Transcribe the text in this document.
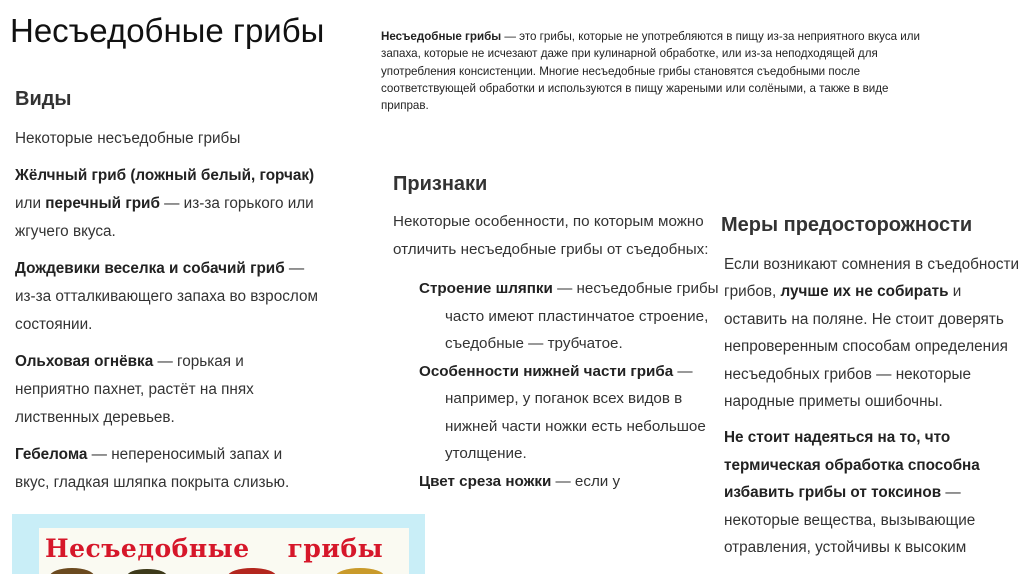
Несъедобные грибы	Несъедобные грибы — это грибы, которые не употребляются в пищу из-за неприятного вкуса или запаха, которые не исчезают даже при кулинарной обработке, или из-за неподходящей для употребления консистенции. Многие несъедобные грибы становятся съедобными после соответствующей обработки и используются в пищу жареными или солёными, а также в виде приправ.
Виды

Некоторые несъедобные грибы

Жёлчный гриб (ложный белый, горчак) или перечный гриб — из-за горького или жгучего вкуса.

Дождевики веселка и собачий гриб — из-за отталкивающего запаха во взрослом состоянии.

Ольховая огнёвка — горькая и неприятно пахнет, растёт на пнях лиственных деревьев.

Гебелома — непереносимый запах и вкус, гладкая шляпка покрыта слизью.

Несъедобные грибы
Признаки

Некоторые особенности, по которым можно отличить несъедобные грибы от съедобных:

Строение шляпки — несъедобные грибы часто имеют пластинчатое строение, съедобные — трубчатое.

Особенности нижней части гриба — например, у поганок всех видов в нижней части ножки есть небольшое утолщение.

Цвет среза ножки — если у

Меры предосторожности

Если возникают сомнения в съедобности грибов, лучше их не собирать и оставить на поляне. Не стоит доверять непроверенным способам определения несъедобных грибов — некоторые народные приметы ошибочны.

Не стоит надеяться на то, что термическая обработка способна избавить грибы от токсинов — некоторые вещества, вызывающие отравления, устойчивы к высоким
